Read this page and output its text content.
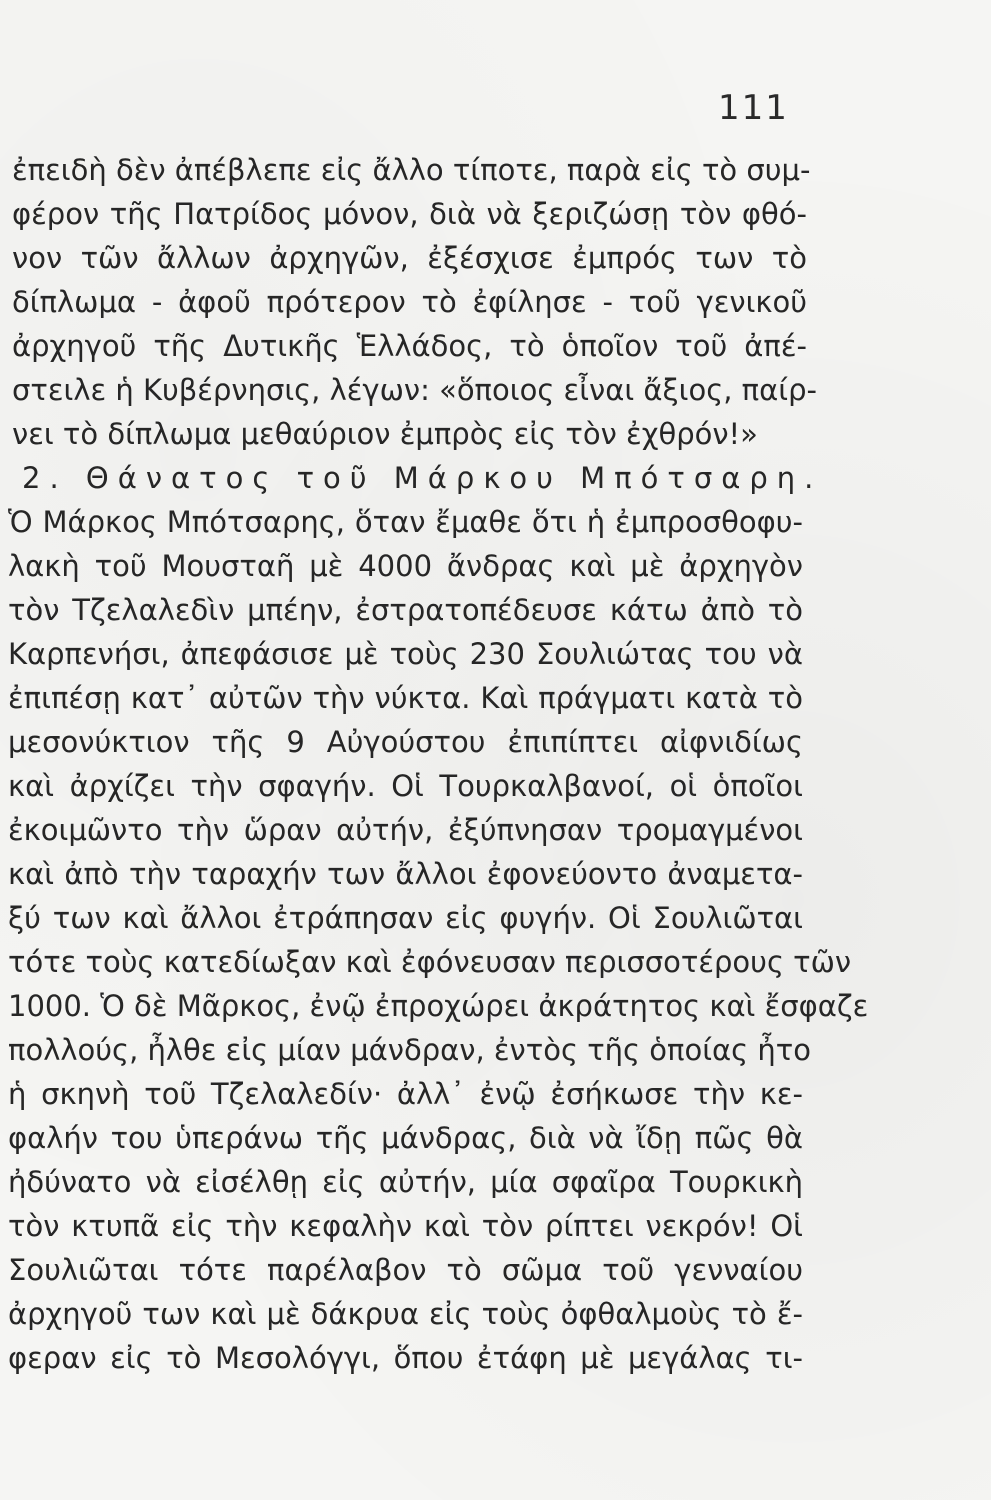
111
ἐπειδὴ δὲν ἀπέβλεπε εἰς ἄλλο τίποτε, παρὰ εἰς τὸ συμ-
φέρον τῆς Πατρίδος μόνον, διὰ νὰ ξεριζώσῃ τὸν φθό-
νον τῶν ἄλλων ἀρχηγῶν, ἐξέσχισε ἐμπρός των τὸ
δίπλωμα - ἀφοῦ πρότερον τὸ ἐφίλησε - τοῦ γενικοῦ
ἀρχηγοῦ τῆς Δυτικῆς Ἑλλάδος, τὸ ὁποῖον τοῦ ἀπέ-
στειλε ἡ Κυβέρνησις, λέγων: «ὅποιος εἶναι ἄξιος, παίρ-
νει τὸ δίπλωμα μεθαύριον ἐμπρὸς εἰς τὸν ἐχθρόν!»
2. Θάνατος τοῦ Μάρκου Μπότσαρη.
Ὁ Μάρκος Μπότσαρης, ὅταν ἔμαθε ὅτι ἡ ἐμπροσθοφυ-
λακὴ τοῦ Μουσταῆ μὲ 4000 ἄνδρας καὶ μὲ ἀρχηγὸν
τὸν Τζελαλεδὶν μπέην, ἐστρατοπέδευσε κάτω ἀπὸ τὸ
Καρπενήσι, ἀπεφάσισε μὲ τοὺς 230 Σουλιώτας του νὰ
ἐπιπέσῃ κατ᾿ αὐτῶν τὴν νύκτα. Καὶ πράγματι κατὰ τὸ
μεσονύκτιον τῆς 9 Αὐγούστου ἐπιπίπτει αἰφνιδίως
καὶ ἀρχίζει τὴν σφαγήν. Οἱ Τουρκαλβανοί, οἱ ὁποῖοι
ἐκοιμῶντο τὴν ὥραν αὐτήν, ἐξύπνησαν τρομαγμένοι
καὶ ἀπὸ τὴν ταραχήν των ἄλλοι ἐφονεύοντο ἀναμετα-
ξύ των καὶ ἄλλοι ἐτράπησαν εἰς φυγήν. Οἱ Σουλιῶται
τότε τοὺς κατεδίωξαν καὶ ἐφόνευσαν περισσοτέρους τῶν
1000. Ὁ δὲ Μᾶρκος, ἐνῷ ἐπροχώρει ἀκράτητος καὶ ἔσφαζε
πολλούς, ἦλθε εἰς μίαν μάνδραν, ἐντὸς τῆς ὁποίας ἦτο
ἡ σκηνὴ τοῦ Τζελαλεδίν· ἀλλ᾿ ἐνῷ ἐσήκωσε τὴν κε-
φαλήν του ὑπεράνω τῆς μάνδρας, διὰ νὰ ἴδῃ πῶς θὰ
ἠδύνατο νὰ εἰσέλθῃ εἰς αὐτήν, μία σφαῖρα Τουρκικὴ
τὸν κτυπᾶ εἰς τὴν κεφαλὴν καὶ τὸν ρίπτει νεκρόν! Οἱ
Σουλιῶται τότε παρέλαβον τὸ σῶμα τοῦ γενναίου
ἀρχηγοῦ των καὶ μὲ δάκρυα εἰς τοὺς ὀφθαλμοὺς τὸ ἔ-
φεραν εἰς τὸ Μεσολόγγι, ὅπου ἐτάφη μὲ μεγάλας τι-
